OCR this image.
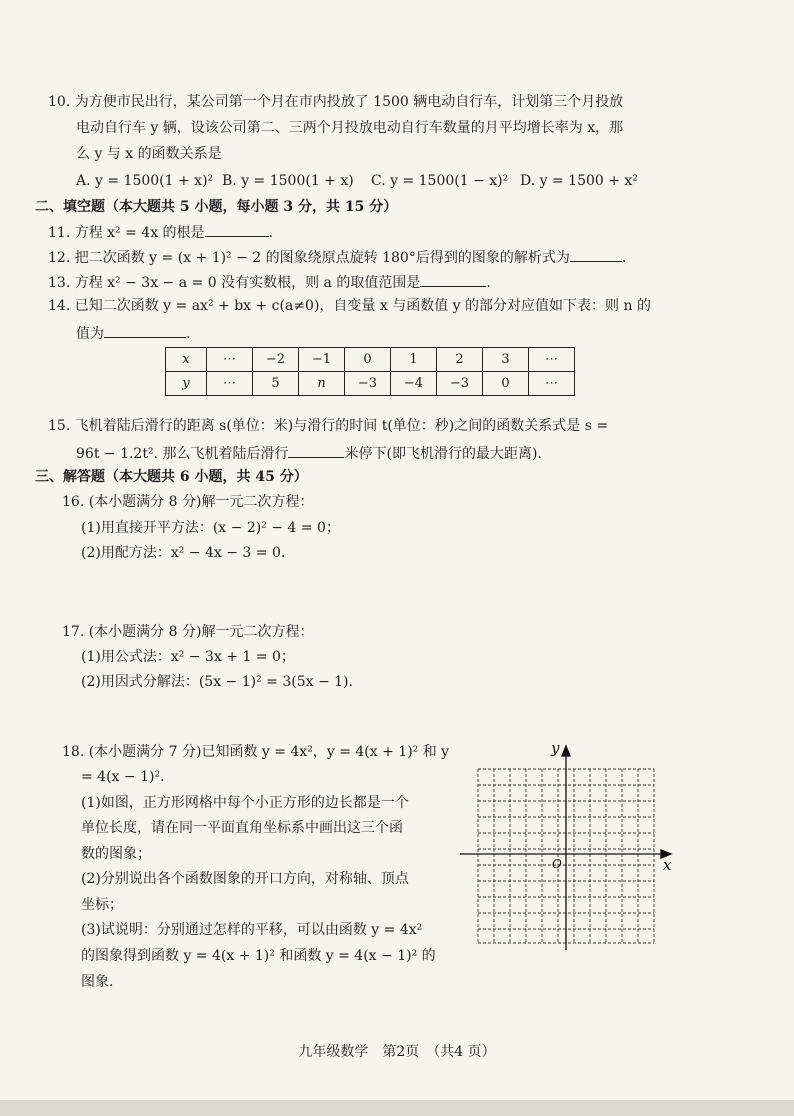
10. 为方便市民出行，某公司第一个月在市内投放了 1500 辆电动自行车，计划第三个月投放
电动自行车 y 辆，设该公司第二、三两个月投放电动自行车数量的月平均增长率为 x，那
么 y 与 x 的函数关系是
A. y = 1500(1 + x)² B. y = 1500(1 + x) C. y = 1500(1 − x)² D. y = 1500 + x²
二、填空题（本大题共 5 小题，每小题 3 分，共 15 分）
11. 方程 x² = 4x 的根是	.
12. 把二次函数 y = (x + 1)² − 2 的图象绕原点旋转 180°后得到的图象的解析式为	.
13. 方程 x² − 3x − a = 0 没有实数根，则 a 的取值范围是	.
14. 已知二次函数 y = ax² + bx + c(a≠0)，自变量 x 与函数值 y 的部分对应值如下表：则 n 的
值为	.
x	⋯	−2	−1	0	1	2	3	⋯
y	⋯	5	n	−3	−4	−3	0	⋯
15. 飞机着陆后滑行的距离 s(单位：米)与滑行的时间 t(单位：秒)之间的函数关系式是 s =
96t − 1.2t². 那么飞机着陆后滑行	米停下(即飞机滑行的最大距离).
三、解答题（本大题共 6 小题，共 45 分）
16. (本小题满分 8 分)解一元二次方程：
(1)用直接开平方法：(x − 2)² − 4 = 0；
(2)用配方法：x² − 4x − 3 = 0.
17. (本小题满分 8 分)解一元二次方程：
(1)用公式法：x² − 3x + 1 = 0；
(2)用因式分解法：(5x − 1)² = 3(5x − 1).
18. (本小题满分 7 分)已知函数 y = 4x²，y = 4(x + 1)² 和 y
= 4(x − 1)².
(1)如图，正方形网格中每个小正方形的边长都是一个
单位长度，请在同一平面直角坐标系中画出这三个函
数的图象；
(2)分别说出各个函数图象的开口方向，对称轴、顶点
坐标；
(3)试说明：分别通过怎样的平移，可以由函数 y = 4x²
的图象得到函数 y = 4(x + 1)² 和函数 y = 4(x − 1)² 的
图象.
y
x
O
九年级数学　第2页　（共4 页）
